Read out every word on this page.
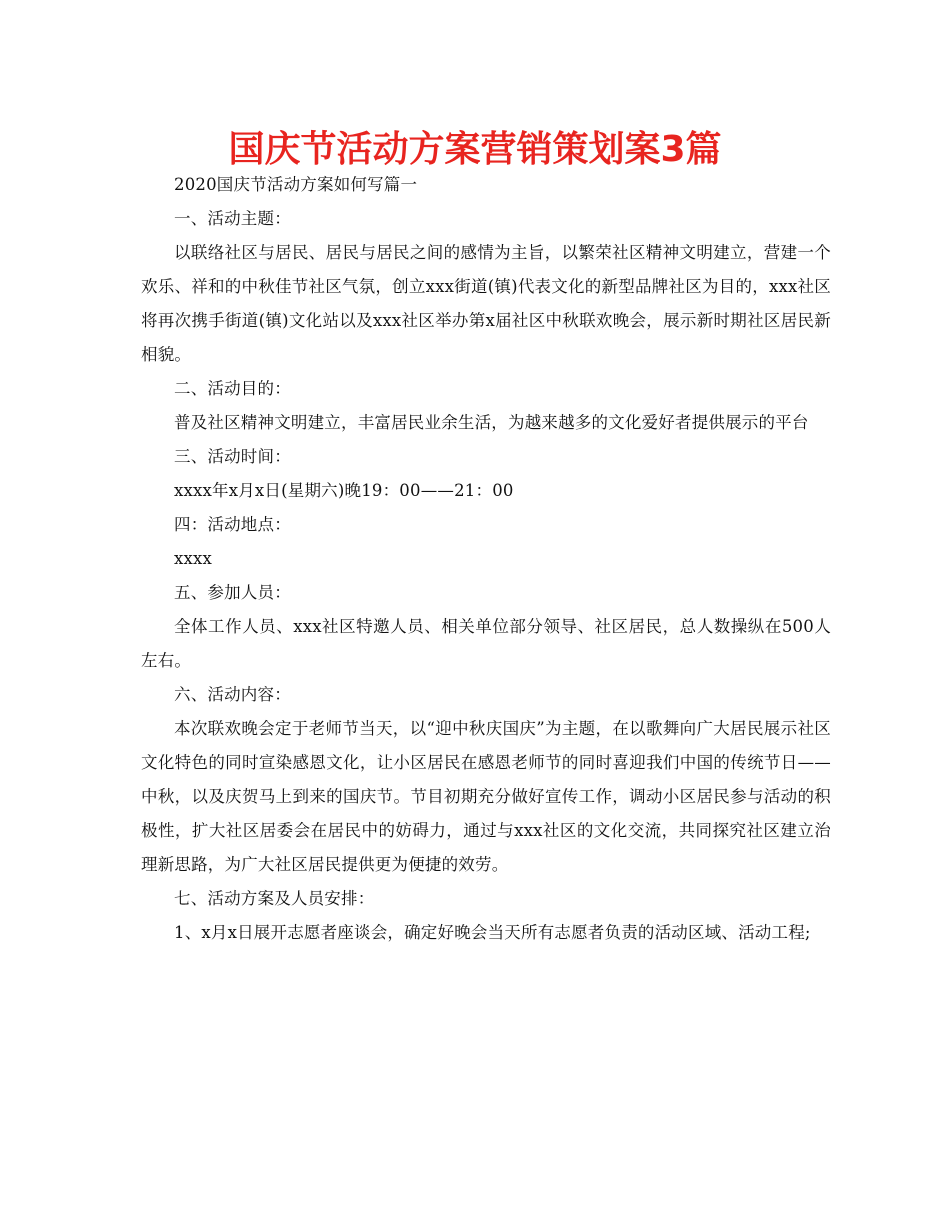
国庆节活动方案营销策划案3篇

2020国庆节活动方案如何写篇一

一、活动主题：

以联络社区与居民、居民与居民之间的感情为主旨，以繁荣社区精神文明建立，营建一个欢乐、祥和的中秋佳节社区气氛，创立xxx街道(镇)代表文化的新型品牌社区为目的，xxx社区将再次携手街道(镇)文化站以及xxx社区举办第x届社区中秋联欢晚会，展示新时期社区居民新相貌。

二、活动目的：

普及社区精神文明建立，丰富居民业余生活，为越来越多的文化爱好者提供展示的平台

三、活动时间：

xxxx年x月x日(星期六)晚19：00——21：00

四：活动地点：

xxxx

五、参加人员：

全体工作人员、xxx社区特邀人员、相关单位部分领导、社区居民，总人数操纵在500人左右。

六、活动内容：

本次联欢晚会定于老师节当天，以“迎中秋庆国庆”为主题，在以歌舞向广大居民展示社区文化特色的同时宣染感恩文化，让小区居民在感恩老师节的同时喜迎我们中国的传统节日——中秋，以及庆贺马上到来的国庆节。节目初期充分做好宣传工作，调动小区居民参与活动的积极性，扩大社区居委会在居民中的妨碍力，通过与xxx社区的文化交流，共同探究社区建立治理新思路，为广大社区居民提供更为便捷的效劳。

七、活动方案及人员安排：

1、x月x日展开志愿者座谈会，确定好晚会当天所有志愿者负责的活动区域、活动工程;
